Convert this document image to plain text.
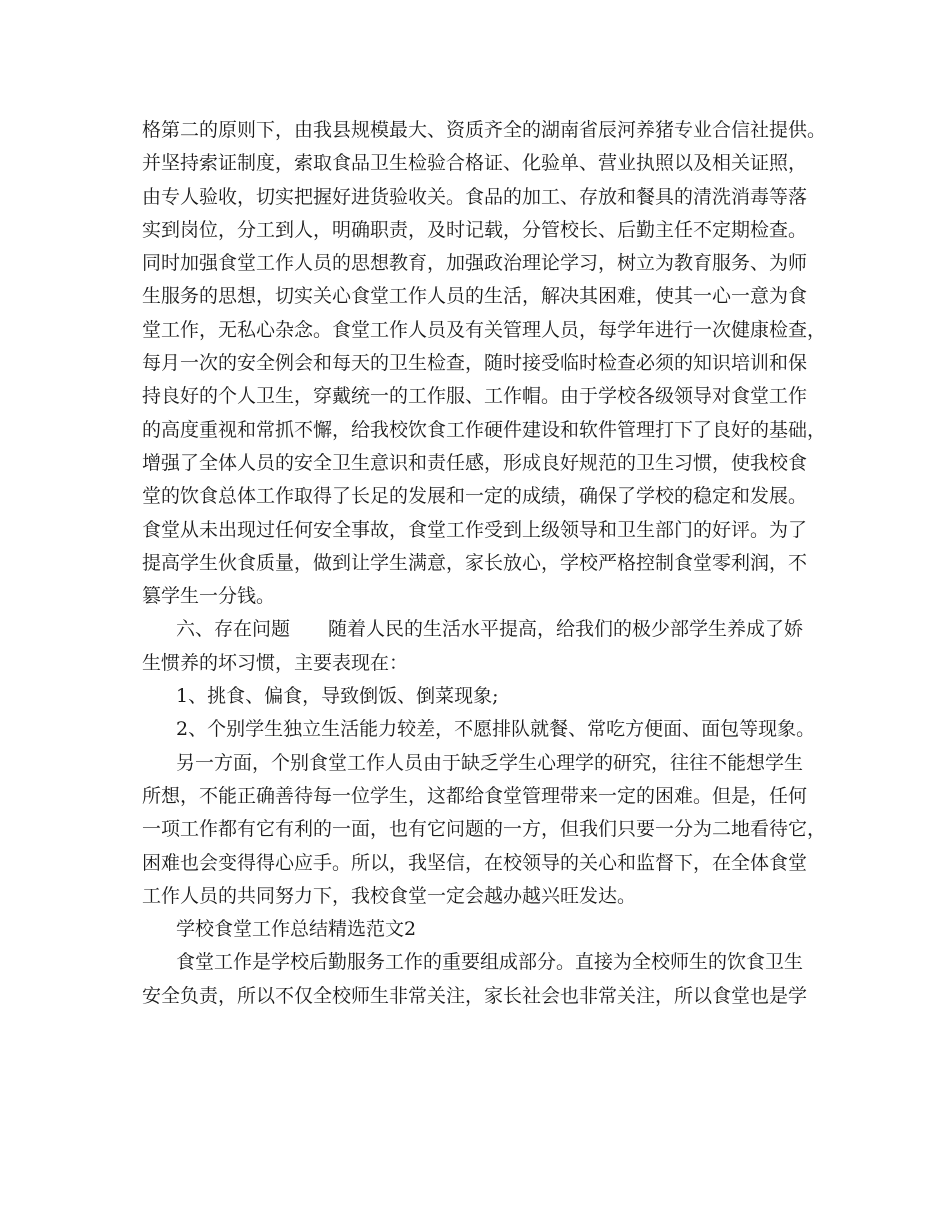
格第二的原则下，由我县规模最大、资质齐全的湖南省辰河养猪专业合信社提供。
并坚持索证制度，索取食品卫生检验合格证、化验单、营业执照以及相关证照，
由专人验收，切实把握好进货验收关。食品的加工、存放和餐具的清洗消毒等落
实到岗位，分工到人，明确职责，及时记载，分管校长、后勤主任不定期检查。
同时加强食堂工作人员的思想教育，加强政治理论学习，树立为教育服务、为师
生服务的思想，切实关心食堂工作人员的生活，解决其困难，使其一心一意为食
堂工作，无私心杂念。食堂工作人员及有关管理人员，每学年进行一次健康检查，
每月一次的安全例会和每天的卫生检查，随时接受临时检查必须的知识培训和保
持良好的个人卫生，穿戴统一的工作服、工作帽。由于学校各级领导对食堂工作
的高度重视和常抓不懈，给我校饮食工作硬件建设和软件管理打下了良好的基础，
增强了全体人员的安全卫生意识和责任感，形成良好规范的卫生习惯，使我校食
堂的饮食总体工作取得了长足的发展和一定的成绩，确保了学校的稳定和发展。
食堂从未出现过任何安全事故，食堂工作受到上级领导和卫生部门的好评。为了
提高学生伙食质量，做到让学生满意，家长放心，学校严格控制食堂零利润，不
篡学生一分钱。
六、存在问题　　随着人民的生活水平提高，给我们的极少部学生养成了娇
生惯养的坏习惯，主要表现在：
1、挑食、偏食，导致倒饭、倒菜现象;
2、个别学生独立生活能力较差，不愿排队就餐、常吃方便面、面包等现象。
另一方面，个别食堂工作人员由于缺乏学生心理学的研究，往往不能想学生
所想，不能正确善待每一位学生，这都给食堂管理带来一定的困难。但是，任何
一项工作都有它有利的一面，也有它问题的一方，但我们只要一分为二地看待它，
困难也会变得得心应手。所以，我坚信，在校领导的关心和监督下，在全体食堂
工作人员的共同努力下，我校食堂一定会越办越兴旺发达。
学校食堂工作总结精选范文2
食堂工作是学校后勤服务工作的重要组成部分。直接为全校师生的饮食卫生
安全负责，所以不仅全校师生非常关注，家长社会也非常关注，所以食堂也是学
